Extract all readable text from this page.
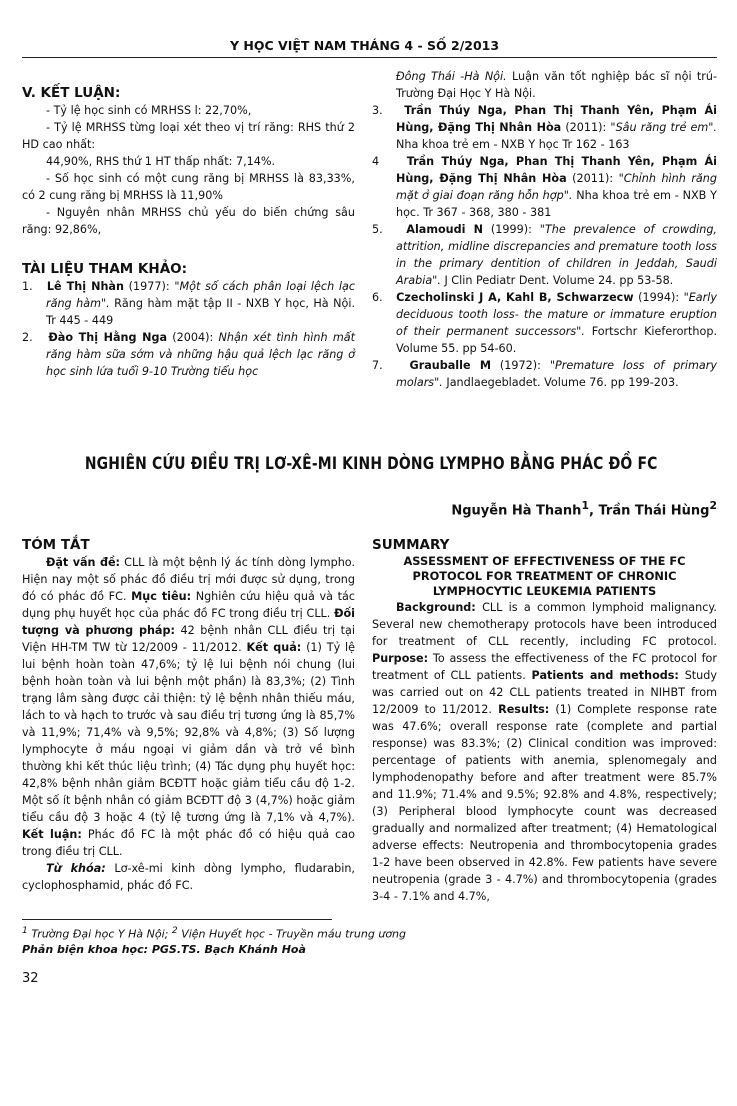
Y HỌC VIỆT NAM THÁNG 4 - SỐ 2/2013
V. KẾT LUẬN:

- Tỷ lệ học sinh có MRHSS l: 22,70%,

- Tỷ lệ MRHSS từng loại xét theo vị trí răng: RHS thứ 2 HD cao nhất:

44,90%, RHS thứ 1 HT thấp nhất: 7,14%.

- Số học sinh có một cung răng bị MRHSS là 83,33%, có 2 cung răng bị MRHSS là 11,90%

- Nguyên nhân MRHSS chủ yếu do biến chứng sâu răng: 92,86%,

TÀI LIỆU THAM KHẢO:

1.   Lê Thị Nhàn (1977): "Một số cách phân loại lệch lạc răng hàm". Răng hàm mặt tập II - NXB Y học, Hà Nội. Tr 445 - 449

2.   Đào Thị Hằng Nga (2004): Nhận xét tình hình mất răng hàm sữa sớm và những hậu quả lệch lạc răng ở học sinh lứa tuổi 9-10 Trường tiểu học

Đông Thái -Hà Nội. Luận văn tốt nghiệp bác sĩ nội trú-Trường Đại Học Y Hà Nội.

3.   Trần Thúy Nga, Phan Thị Thanh Yên, Phạm Ái Hùng, Đặng Thị Nhân Hòa (2011): "Sâu răng trẻ em". Nha khoa trẻ em - NXB Y học Tr 162 - 163

4    Trần Thúy Nga, Phan Thị Thanh Yên, Phạm Ái Hùng, Đặng Thị Nhân Hòa (2011): "Chỉnh hình răng mặt ở giai đoạn răng hỗn hợp". Nha khoa trẻ em - NXB Y học. Tr 367 - 368, 380 - 381

5.   Alamoudi N (1999): "The prevalence of crowding, attrition, midline discrepancies and premature tooth loss in the primary dentition of children in Jeddah, Saudi Arabia". J Clin Pediatr Dent. Volume 24. pp 53-58.

6.   Czecholinski J A, Kahl B, Schwarzecw (1994): "Early deciduous tooth loss- the mature or immature eruption of their permanent successors". Fortschr Kieferorthop. Volume 55. pp 54-60.

7.   Grauballe M (1972): "Premature loss of primary molars". Jandlaegebladet. Volume 76. pp 199-203.

NGHIÊN CỨU ĐIỀU TRỊ LƠ-XÊ-MI KINH DÒNG LYMPHO BẰNG PHÁC ĐỒ FC
Nguyễn Hà Thanh$^1$, Trần Thái Hùng$^2$
TÓM TẮT

Đặt vấn đề: CLL là một bệnh lý ác tính dòng lympho. Hiện nay một số phác đồ điều trị mới được sử dụng, trong đó có phác đồ FC. Mục tiêu: Nghiên cứu hiệu quả và tác dụng phụ huyết học của phác đồ FC trong điều trị CLL. Đối tượng và phương pháp: 42 bệnh nhân CLL điều trị tại Viện HH-TM TW từ 12/2009 - 11/2012. Kết quả: (1) Tỷ lệ lui bệnh hoàn toàn 47,6%; tỷ lệ lui bệnh nói chung (lui bệnh hoàn toàn và lui bệnh một phần) là 83,3%; (2) Tình trạng lâm sàng được cải thiện: tỷ lệ bệnh nhân thiếu máu, lách to và hạch to trước và sau điều trị tương ứng là 85,7% và 11,9%; 71,4% và 9,5%; 92,8% và 4,8%; (3) Số lượng lymphocyte ở máu ngoại vi giảm dần và trở về bình thường khi kết thúc liệu trình; (4) Tác dụng phụ huyết học: 42,8% bệnh nhân giảm BCĐTT hoặc giảm tiểu cầu độ 1-2. Một số ít bệnh nhân có giảm BCĐTT độ 3 (4,7%) hoặc giảm tiểu cầu độ 3 hoặc 4 (tỷ lệ tương ứng là 7,1% và 4,7%). Kết luận: Phác đồ FC là một phác đồ có hiệu quả cao trong điều trị CLL.

Từ khóa: Lơ-xê-mi kinh dòng lympho, fludarabin, cyclophosphamid, phác đồ FC.

SUMMARY

ASSESSMENT OF EFFECTIVENESS OF THE FC PROTOCOL FOR TREATMENT OF CHRONIC LYMPHOCYTIC LEUKEMIA PATIENTS

Background: CLL is a common lymphoid malignancy. Several new chemotherapy protocols have been introduced for treatment of CLL recently, including FC protocol. Purpose: To assess the effectiveness of the FC protocol for treatment of CLL patients. Patients and methods: Study was carried out on 42 CLL patients treated in NIHBT from 12/2009 to 11/2012. Results: (1) Complete response rate was 47.6%; overall response rate (complete and partial response) was 83.3%; (2) Clinical condition was improved: percentage of patients with anemia, splenomegaly and lymphodenopathy before and after treatment were 85.7% and 11.9%; 71.4% and 9.5%; 92.8% and 4.8%, respectively; (3) Peripheral blood lymphocyte count was decreased gradually and normalized after treatment; (4) Hematological adverse effects: Neutropenia and thrombocytopenia grades 1-2 have been observed in 42.8%. Few patients have severe neutropenia (grade 3 - 4.7%) and thrombocytopenia (grades 3-4 - 7.1% and 4.7%,

$^1$ Trường Đại học Y Hà Nội; $^2$ Viện Huyết học - Truyền máu trung ương
Phản biện khoa học: PGS.TS. Bạch Khánh Hoà
32
